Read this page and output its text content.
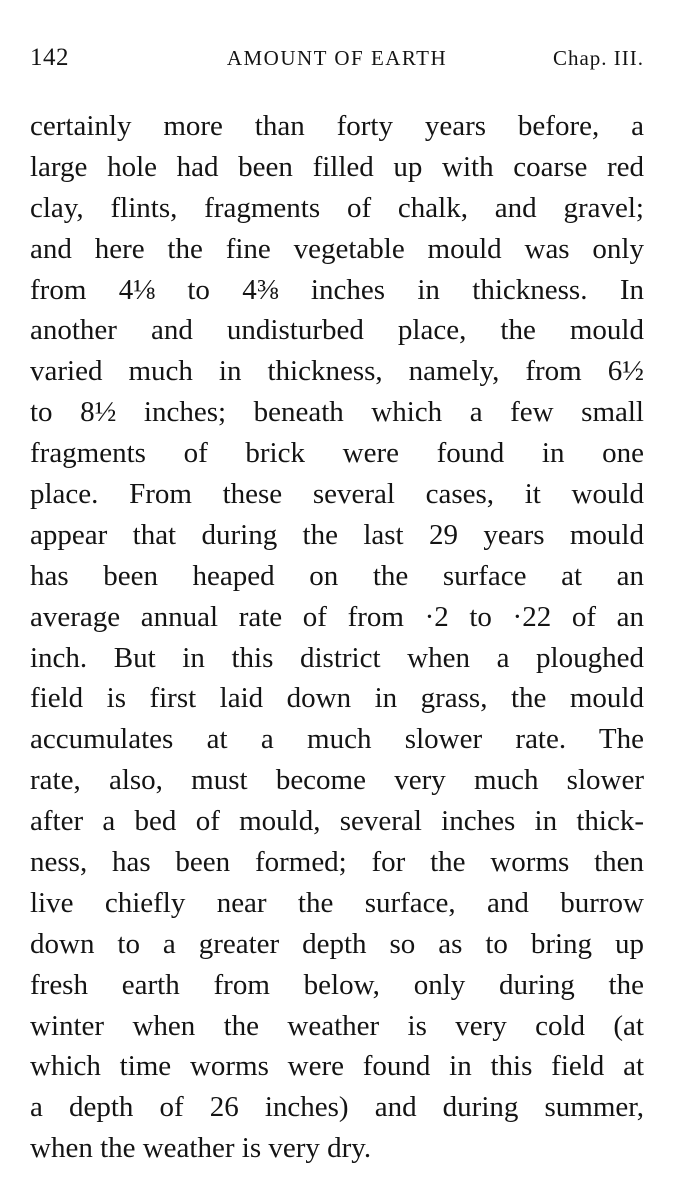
142	AMOUNT OF EARTH	Chap. III.
certainly more than forty years before, a
large hole had been filled up with coarse red
clay, flints, fragments of chalk, and gravel;
and here the fine vegetable mould was only
from 4⅛ to 4⅜ inches in thickness. In
another and undisturbed place, the mould
varied much in thickness, namely, from 6½
to 8½ inches; beneath which a few small
fragments of brick were found in one
place. From these several cases, it would
appear that during the last 29 years mould
has been heaped on the surface at an
average annual rate of from ·2 to ·22 of an
inch. But in this district when a ploughed
field is first laid down in grass, the mould
accumulates at a much slower rate. The
rate, also, must become very much slower
after a bed of mould, several inches in thick-
ness, has been formed; for the worms then
live chiefly near the surface, and burrow
down to a greater depth so as to bring up
fresh earth from below, only during the
winter when the weather is very cold (at
which time worms were found in this field at
a depth of 26 inches) and during summer,
when the weather is very dry.
